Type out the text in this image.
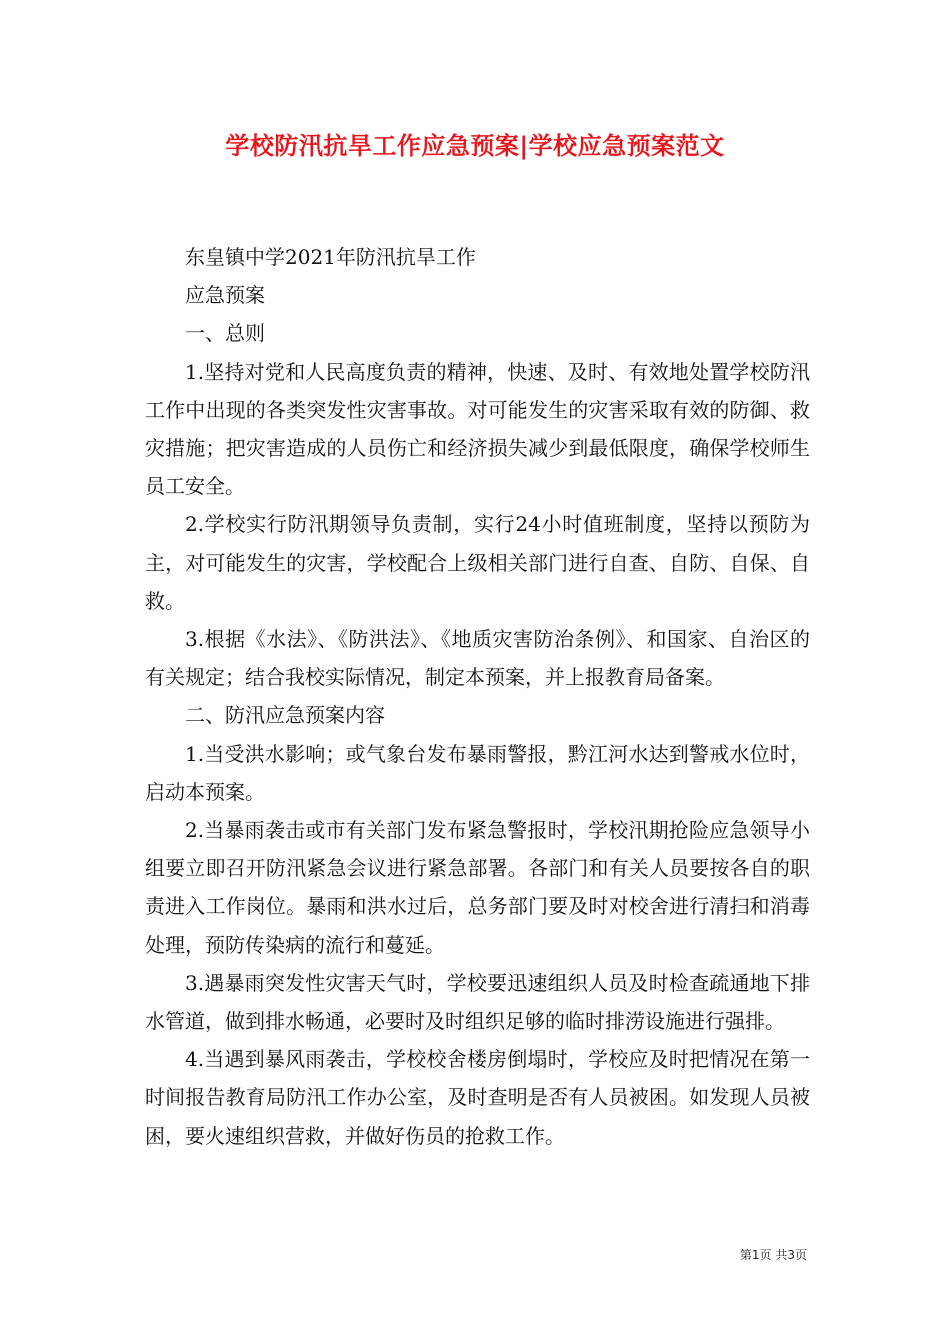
学校防汛抗旱工作应急预案|学校应急预案范文

东皇镇中学2021年防汛抗旱工作

应急预案

一、总则

1.坚持对党和人民高度负责的精神，快速、及时、有效地处置学校防汛工作中出现的各类突发性灾害事故。对可能发生的灾害采取有效的防御、救灾措施；把灾害造成的人员伤亡和经济损失减少到最低限度，确保学校师生员工安全。

2.学校实行防汛期领导负责制，实行24小时值班制度，坚持以预防为主，对可能发生的灾害，学校配合上级相关部门进行自查、自防、自保、自救。

3.根据《水法》、《防洪法》、《地质灾害防治条例》、和国家、自治区的有关规定；结合我校实际情况，制定本预案，并上报教育局备案。

二、防汛应急预案内容

1.当受洪水影响；或气象台发布暴雨警报，黔江河水达到警戒水位时，启动本预案。

2.当暴雨袭击或市有关部门发布紧急警报时，学校汛期抢险应急领导小组要立即召开防汛紧急会议进行紧急部署。各部门和有关人员要按各自的职责进入工作岗位。暴雨和洪水过后，总务部门要及时对校舍进行清扫和消毒处理，预防传染病的流行和蔓延。

3.遇暴雨突发性灾害天气时，学校要迅速组织人员及时检查疏通地下排水管道，做到排水畅通，必要时及时组织足够的临时排涝设施进行强排。

4.当遇到暴风雨袭击，学校校舍楼房倒塌时，学校应及时把情况在第一时间报告教育局防汛工作办公室，及时查明是否有人员被困。如发现人员被困，要火速组织营救，并做好伤员的抢救工作。

第1页 共3页
